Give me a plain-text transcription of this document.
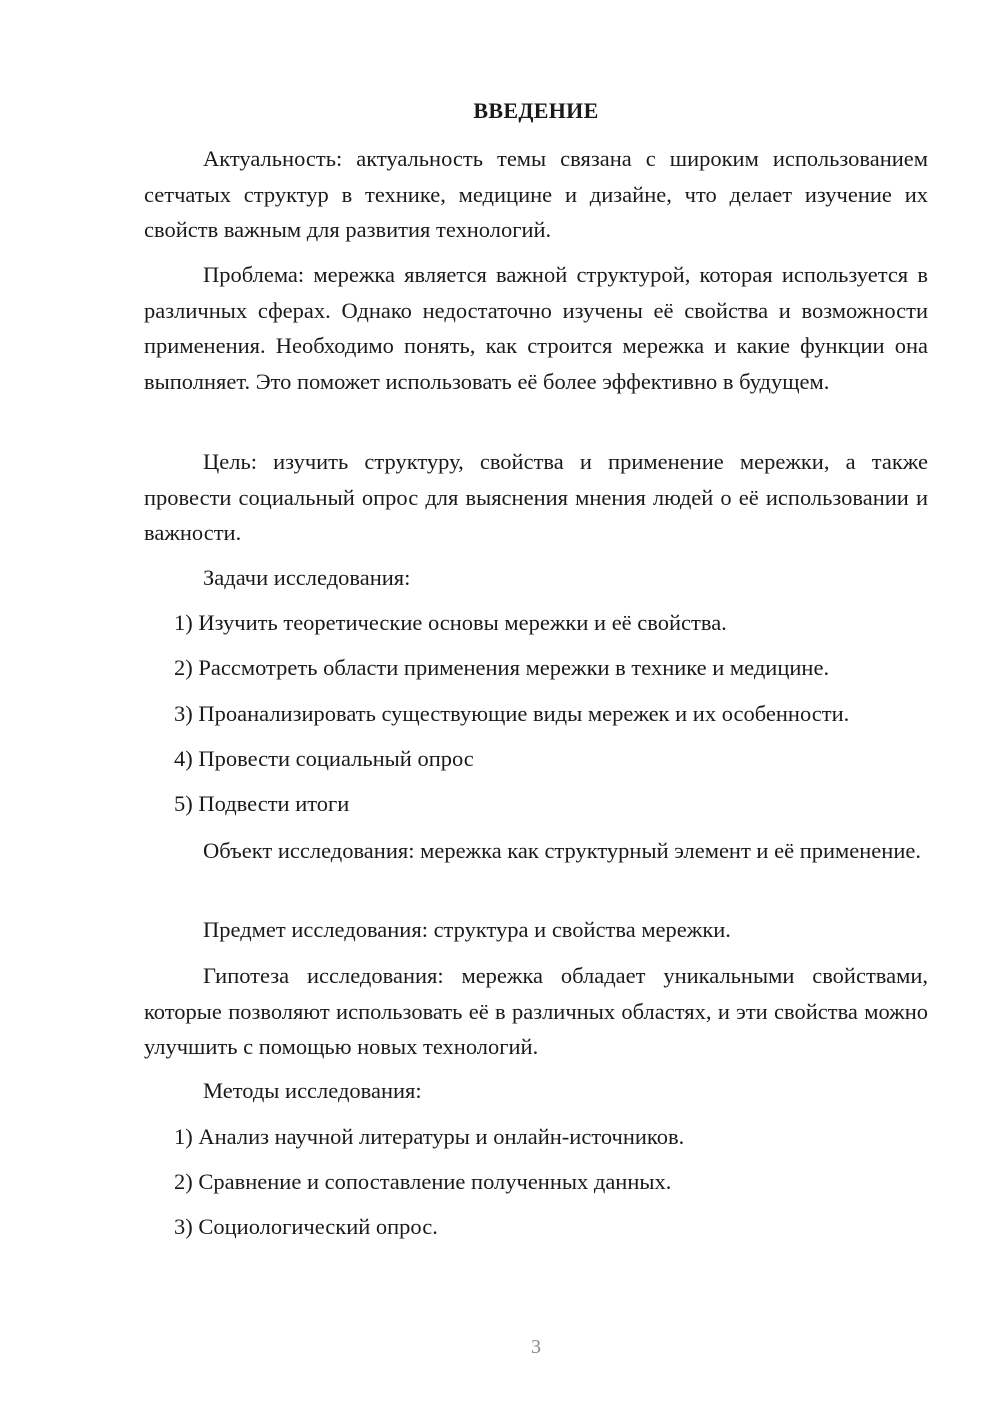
ВВЕДЕНИЕ

Актуальность: актуальность темы связана с широким использованием сетчатых структур в технике, медицине и дизайне, что делает изучение их свойств важным для развития технологий.

Проблема: мережка является важной структурой, которая используется в различных сферах. Однако недостаточно изучены её свойства и возможности применения. Необходимо понять, как строится мережка и какие функции она выполняет. Это поможет использовать её более эффективно в будущем.

Цель: изучить структуру, свойства и применение мережки, а также провести социальный опрос для выяснения мнения людей о её использовании и важности.

Задачи исследования:

1) Изучить теоретические основы мережки и её свойства.

2) Рассмотреть области применения мережки в технике и медицине.

3) Проанализировать существующие виды мережек и их особенности.

4) Провести социальный опрос

5) Подвести итоги

Объект исследования: мережка как структурный элемент и её применение.

Предмет исследования: структура и свойства мережки.

Гипотеза исследования: мережка обладает уникальными свойствами, которые позволяют использовать её в различных областях, и эти свойства можно улучшить с помощью новых технологий.

Методы исследования:

1) Анализ научной литературы и онлайн-источников.

2) Сравнение и сопоставление полученных данных.

3) Социологический опрос.

3
